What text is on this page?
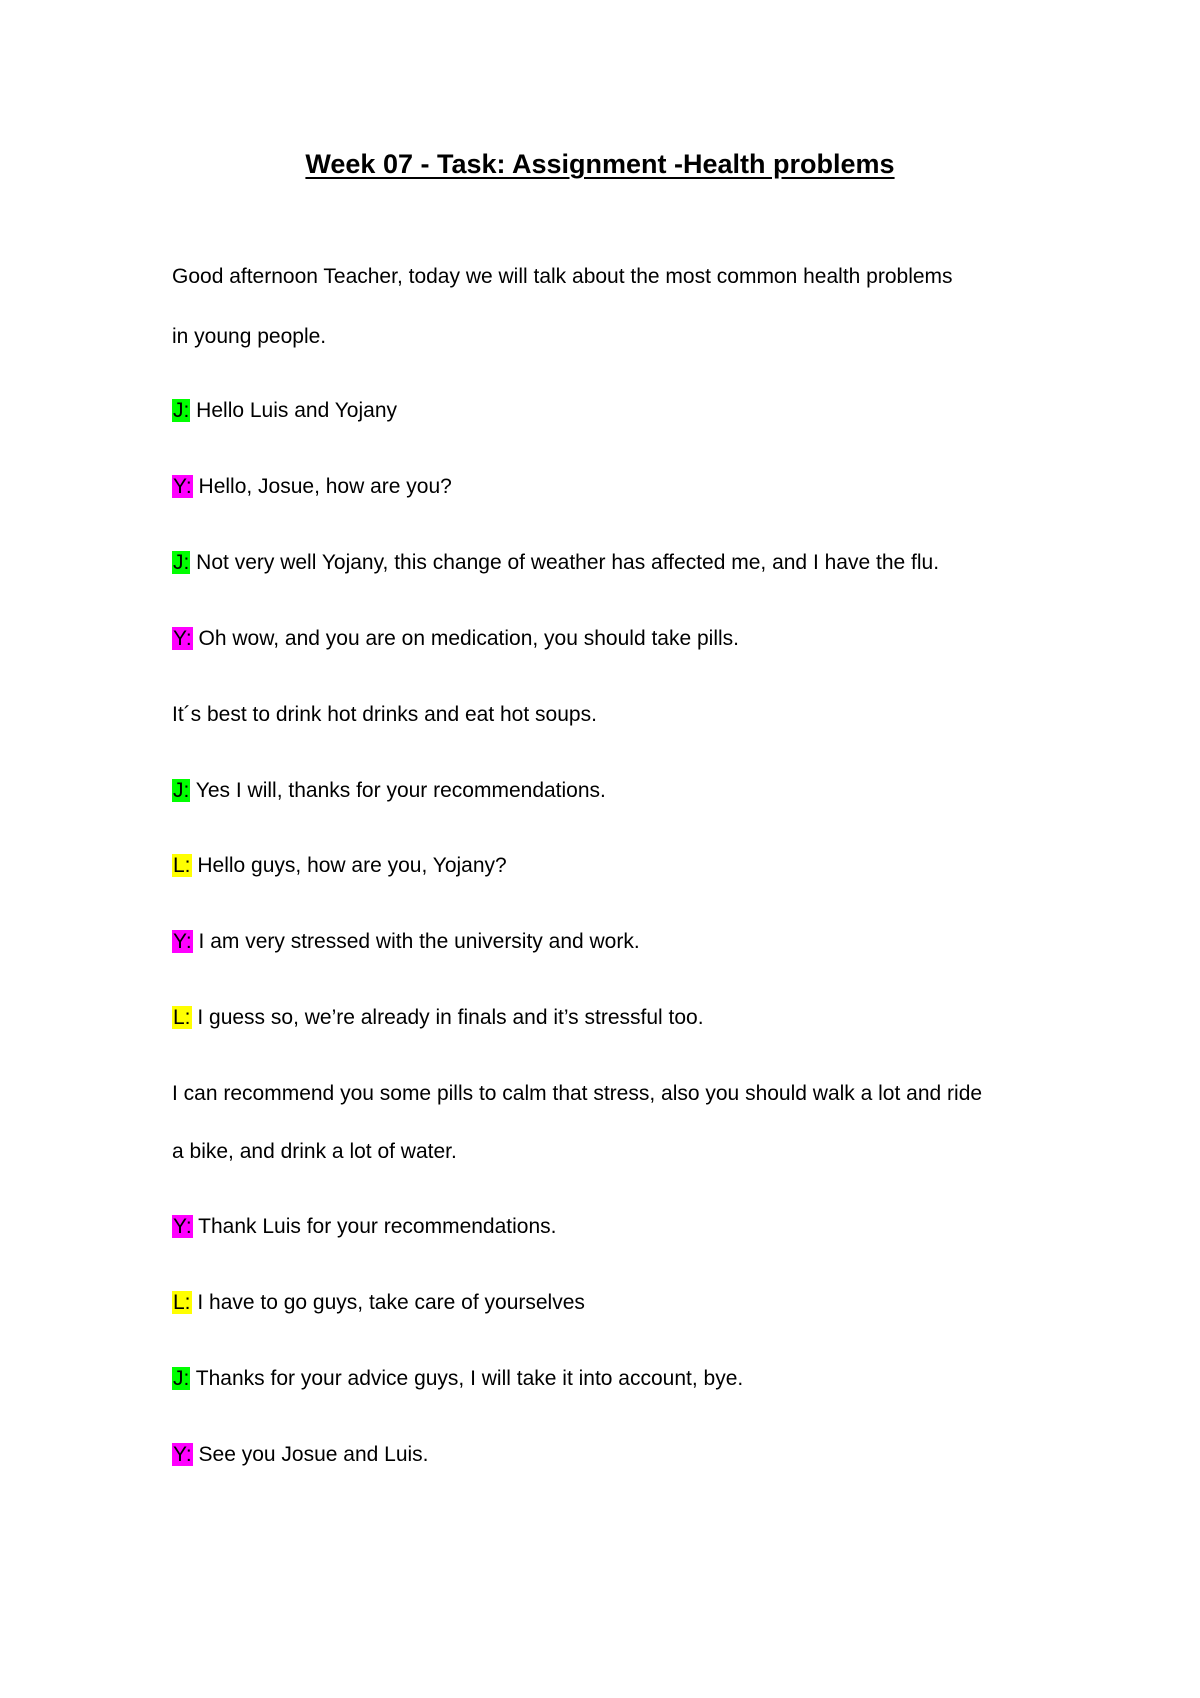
Week 07 - Task: Assignment -Health problems
Good afternoon Teacher, today we will talk about the most common health problems
in young people.
J: Hello Luis and Yojany
Y: Hello, Josue, how are you?
J: Not very well Yojany, this change of weather has affected me, and I have the flu.
Y: Oh wow, and you are on medication, you should take pills.
It´s best to drink hot drinks and eat hot soups.
J: Yes I will, thanks for your recommendations.
L: Hello guys, how are you, Yojany?
Y: I am very stressed with the university and work.
L: I guess so, we’re already in finals and it’s stressful too.
I can recommend you some pills to calm that stress, also you should walk a lot and ride
a bike, and drink a lot of water.
Y: Thank Luis for your recommendations.
L: I have to go guys, take care of yourselves
J: Thanks for your advice guys, I will take it into account, bye.
Y: See you Josue and Luis.
